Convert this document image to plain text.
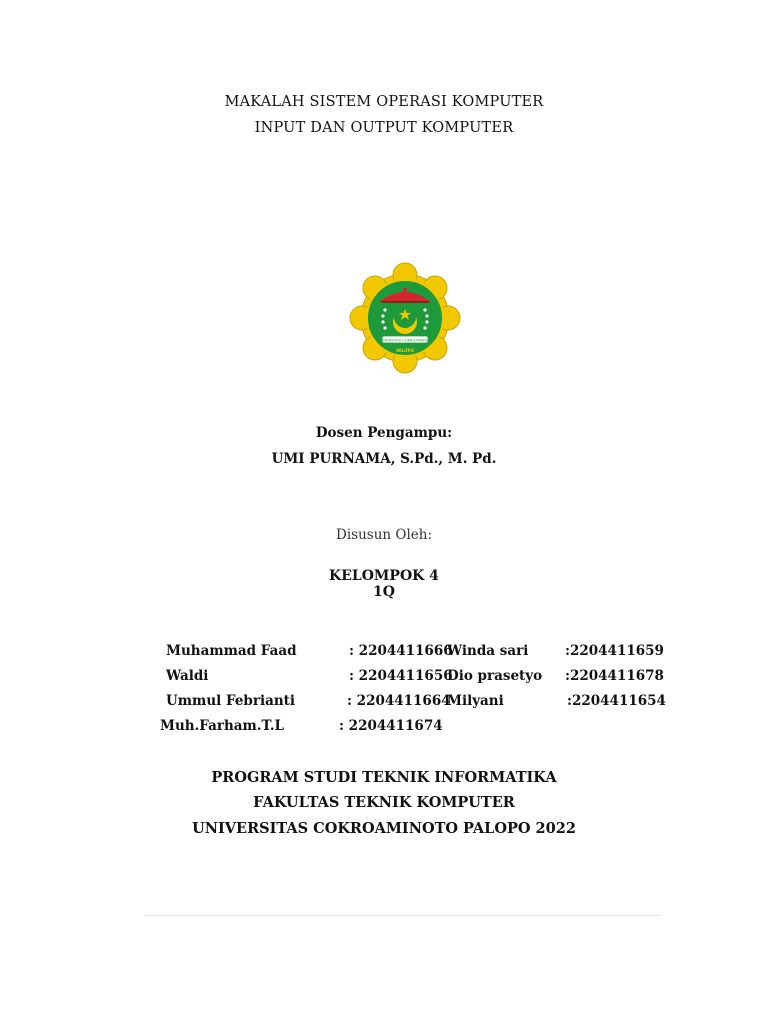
MAKALAH SISTEM OPERASI KOMPUTER
INPUT DAN OUTPUT KOMPUTER
UNIVERSITAS COKROAMINOTO
PALOPO
Dosen Pengampu:
UMI PURNAMA, S.Pd., M. Pd.
Disusun Oleh:
KELOMPOK 4
1Q
Muhammad Faad	: 2204411666
Waldi	: 2204411656
Ummul Febrianti	: 2204411664
Muh.Farham.T.L	: 2204411674
Winda sari	:2204411659
Dio prasetyo :2204411678
Milyani	:2204411654
PROGRAM STUDI TEKNIK INFORMATIKA
FAKULTAS TEKNIK KOMPUTER
UNIVERSITAS COKROAMINOTO PALOPO 2022
